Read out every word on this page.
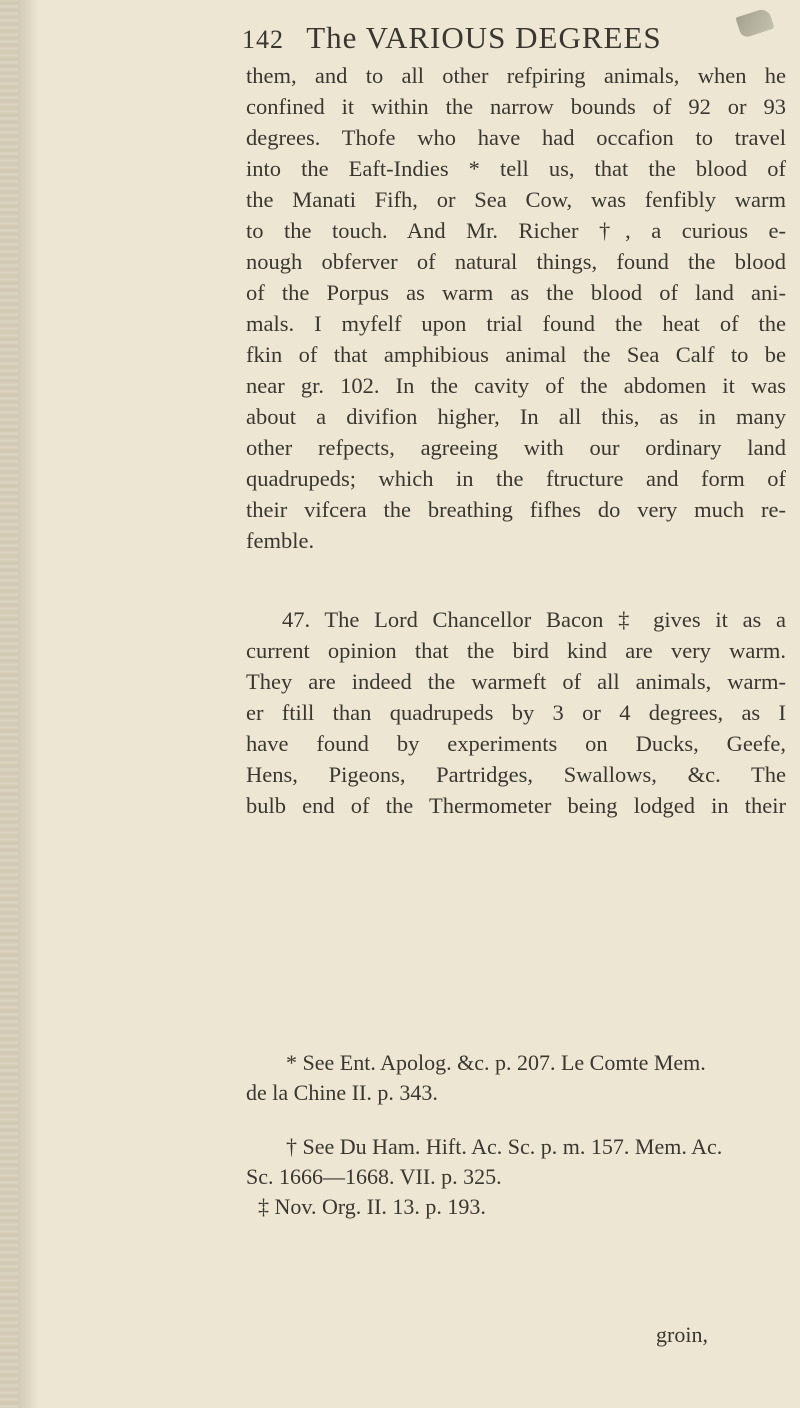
142 The VARIOUS DEGREES
them, and to all other refpiring animals, when he
confined it within the narrow bounds of 92 or 93
degrees. Thofe who have had occafion to travel
into the Eaft-Indies * tell us, that the blood of
the Manati Fifh, or Sea Cow, was fenfibly warm
to the touch. And Mr. Richer †, a curious e-
nough obferver of natural things, found the blood
of the Porpus as warm as the blood of land ani-
mals. I myfelf upon trial found the heat of the
fkin of that amphibious animal the Sea Calf to be
near gr. 102. In the cavity of the abdomen it was
about a divifion higher, In all this, as in many
other refpects, agreeing with our ordinary land
quadrupeds; which in the ftructure and form of
their vifcera the breathing fifhes do very much re-
femble.
47. The Lord Chancellor Bacon ‡ gives it as a
current opinion that the bird kind are very warm.
They are indeed the warmeft of all animals, warm-
er ftill than quadrupeds by 3 or 4 degrees, as I
have found by experiments on Ducks, Geefe,
Hens, Pigeons, Partridges, Swallows, &c. The
bulb end of the Thermometer being lodged in their
* See Ent. Apolog. &c. p. 207. Le Comte Mem.
de la Chine II. p. 343.
† See Du Ham. Hift. Ac. Sc. p. m. 157. Mem. Ac.
Sc. 1666—1668. VII. p. 325.
‡ Nov. Org. II. 13. p. 193.
groin,
